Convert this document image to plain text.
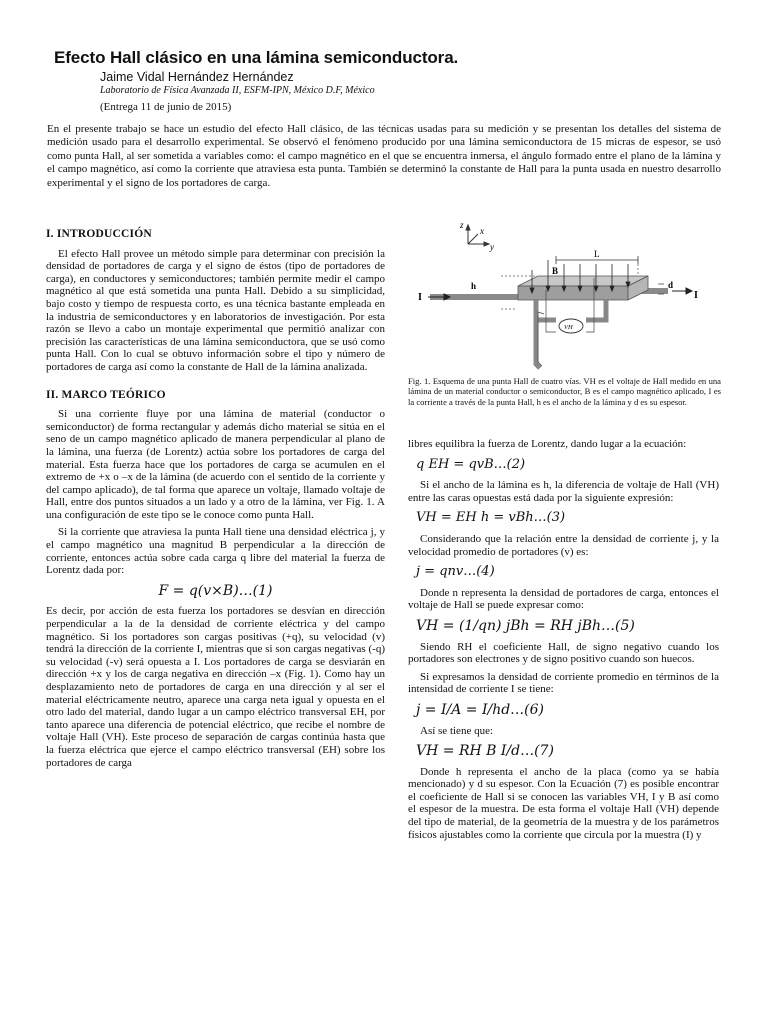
Efecto Hall clásico en una lámina semiconductora.
Jaime Vidal Hernández Hernández
Laboratorio de Física Avanzada II, ESFM-IPN, México D.F, México
(Entrega 11 de junio de 2015)
En el presente trabajo se hace un estudio del efecto Hall clásico, de las técnicas usadas para su medición y se presentan los detalles del sistema de medición usado para el desarrollo experimental. Se observó el fenómeno producido por una lámina semiconductora de 15 micras de espesor, se usó como punta Hall, al ser sometida a variables como: el campo magnético en el que se encuentra inmersa, el ángulo formado entre el plano de la lámina y el campo magnético, así como la corriente que atraviesa esta punta. También se determinó la constante de Hall para la punta usada en nuestro desarrollo experimental y el signo de los portadores de carga.
I. INTRODUCCIÓN

El efecto Hall provee un método simple para determinar con precisión la densidad de portadores de carga y el signo de éstos (tipo de portadores de carga), en conductores y semiconductores; también permite medir el campo magnético al que está sometida una punta Hall. Debido a su simplicidad, bajo costo y tiempo de respuesta corto, es una técnica bastante empleada en la industria de semiconductores y en laboratorios de investigación. Por esta razón se llevo a cabo un montaje experimental que permitió analizar con precisión las características de una lámina semiconductora, que se usó como punta Hall. Con lo cual se obtuvo información sobre el tipo y número de portadores de carga así como la constante de Hall de la lámina analizada.

II. MARCO TEÓRICO

Si una corriente fluye por una lámina de material (conductor o semiconductor) de forma rectangular y además dicho material se sitúa en el seno de un campo magnético aplicado de manera perpendicular al plano de la lámina, una fuerza (de Lorentz) actúa sobre los portadores de carga del material. Esta fuerza hace que los portadores de carga se acumulen en el extremo de +x o –x de la lámina (de acuerdo con el sentido de la corriente y del campo aplicado), de tal forma que aparece un voltaje, llamado voltaje de Hall, entre dos puntos situados a un lado y a otro de la lámina, ver Fig. 1. A una configuración de este tipo se le conoce como punta Hall.

Si la corriente que atraviesa la punta Hall tiene una densidad eléctrica j, y el campo magnético una magnitud B perpendicular a la dirección de corriente, entonces actúa sobre cada carga q libre del material la fuerza de Lorentz dada por:

F = q(v×B)…(1)

Es decir, por acción de esta fuerza los portadores se desvían en dirección perpendicular a la de la densidad de corriente eléctrica y del campo magnético. Si los portadores son cargas positivas (+q), su velocidad (v) tendrá la dirección de la corriente I, mientras que si son cargas negativas (-q) su velocidad (-v) será opuesta a I. Los portadores de carga se desviarán en dirección +x y los de carga negativa en dirección –x (Fig. 1). Como hay un desplazamiento neto de portadores de carga en una dirección y al ser el material eléctricamente neutro, aparece una carga neta igual y opuesta en el otro lado del material, dando lugar a un campo eléctrico transversal EH, por tanto aparece una diferencia de potencial eléctrico, que recibe el nombre de voltaje Hall (VH). Este proceso de separación de cargas continúa hasta que la fuerza eléctrica que ejerce el campo eléctrico transversal (EH) sobre los portadores de carga

z
x
y
L
B
h	d
I	I
VH
Fig. 1. Esquema de una punta Hall de cuatro vías. VH es el voltaje de Hall medido en una lámina de un material conductor o semiconductor, B es el campo magnético aplicado, I es la corriente a través de la punta Hall, h es el ancho de la lámina y d es su espesor.

libres equilibra la fuerza de Lorentz, dando lugar a la ecuación:

q EH = qvB…(2)

Si el ancho de la lámina es h, la diferencia de voltaje de Hall (VH) entre las caras opuestas está dada por la siguiente expresión:

VH = EH h = vBh…(3)

Considerando que la relación entre la densidad de corriente j, y la velocidad promedio de portadores (v) es:

j = qnv…(4)

Donde n representa la densidad de portadores de carga, entonces el voltaje de Hall se puede expresar como:

VH = (1/qn) jBh = RH jBh…(5)

Siendo RH el coeficiente Hall, de signo negativo cuando los portadores son electrones y de signo positivo cuando son huecos.

Si expresamos la densidad de corriente promedio en términos de la intensidad de corriente I se tiene:

j = I/A = I/hd…(6)

Así se tiene que:

VH = RH B I/d…(7)

Donde h representa el ancho de la placa (como ya se había mencionado) y d su espesor. Con la Ecuación (7) es posible encontrar el coeficiente de Hall si se conocen las variables VH, I y B así como el espesor de la muestra. De esta forma el voltaje Hall (VH) depende del tipo de material, de la geometría de la muestra y de los parámetros físicos ajustables como la corriente que circula por la muestra (I) y
